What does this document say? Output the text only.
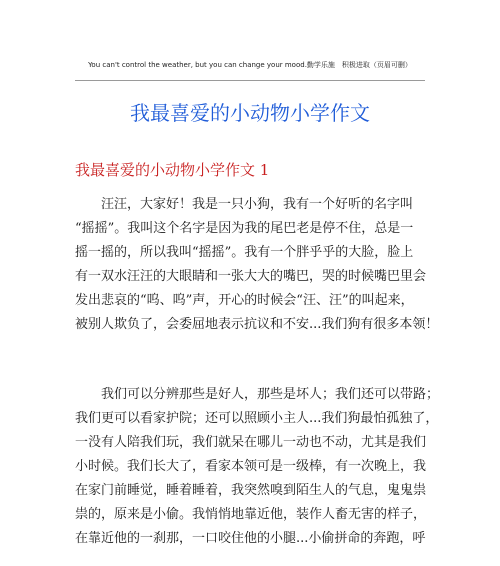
You can't control the weather, but you can change your mood.勤学乐施　积极进取（页眉可删）
我最喜爱的小动物小学作文
我最喜爱的小动物小学作文 1
汪汪，大家好！我是一只小狗，我有一个好听的名字叫
“摇摇”。我叫这个名字是因为我的尾巴老是停不住，总是一
摇一摇的，所以我叫“摇摇”。我有一个胖乎乎的大脸，脸上
有一双水汪汪的大眼睛和一张大大的嘴巴，哭的时候嘴巴里会
发出悲哀的“呜、呜”声，开心的时候会“汪、汪”的叫起来，
被别人欺负了，会委屈地表示抗议和不安...我们狗有很多本领！
我们可以分辨那些是好人，那些是坏人；我们还可以带路；
我们更可以看家护院；还可以照顾小主人...我们狗最怕孤独了，
一没有人陪我们玩，我们就呆在哪儿一动也不动，尤其是我们
小时候。我们长大了，看家本领可是一级棒，有一次晚上，我
在家门前睡觉，睡着睡着，我突然嗅到陌生人的气息，鬼鬼祟
祟的，原来是小偷。我悄悄地靠近他，装作人畜无害的样子，
在靠近他的一刹那，一口咬住他的小腿...小偷拼命的奔跑，呼
